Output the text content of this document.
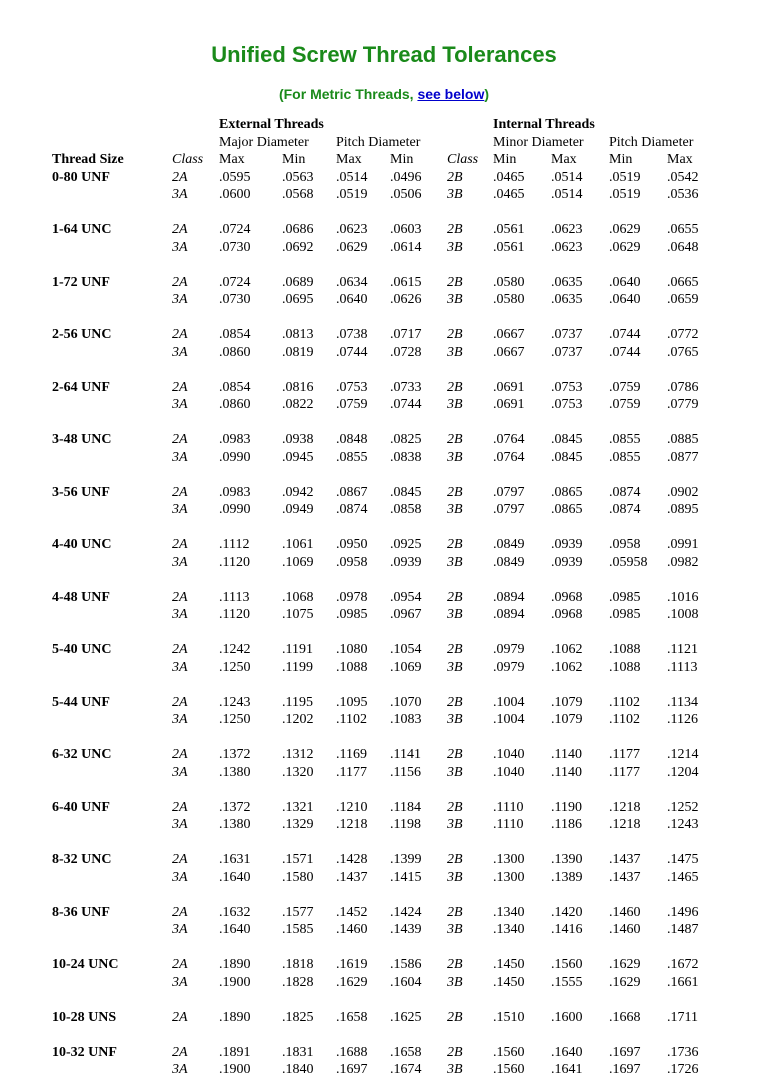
Unified Screw Thread Tolerances

(For Metric Threads, see below)

		External Threads					Internal Threads			
		Major Diameter		Pitch Diameter			Minor Diameter		Pitch Diameter	
Thread Size	Class	Max	Min	Max	Min	Class	Min	Max	Min	Max
0-80 UNF	2A	.0595	.0563	.0514	.0496	2B	.0465	.0514	.0519	.0542
	3A	.0600	.0568	.0519	.0506	3B	.0465	.0514	.0519	.0536

1-64 UNC	2A	.0724	.0686	.0623	.0603	2B	.0561	.0623	.0629	.0655
	3A	.0730	.0692	.0629	.0614	3B	.0561	.0623	.0629	.0648

1-72 UNF	2A	.0724	.0689	.0634	.0615	2B	.0580	.0635	.0640	.0665
	3A	.0730	.0695	.0640	.0626	3B	.0580	.0635	.0640	.0659

2-56 UNC	2A	.0854	.0813	.0738	.0717	2B	.0667	.0737	.0744	.0772
	3A	.0860	.0819	.0744	.0728	3B	.0667	.0737	.0744	.0765

2-64 UNF	2A	.0854	.0816	.0753	.0733	2B	.0691	.0753	.0759	.0786
	3A	.0860	.0822	.0759	.0744	3B	.0691	.0753	.0759	.0779

3-48 UNC	2A	.0983	.0938	.0848	.0825	2B	.0764	.0845	.0855	.0885
	3A	.0990	.0945	.0855	.0838	3B	.0764	.0845	.0855	.0877

3-56 UNF	2A	.0983	.0942	.0867	.0845	2B	.0797	.0865	.0874	.0902
	3A	.0990	.0949	.0874	.0858	3B	.0797	.0865	.0874	.0895

4-40 UNC	2A	.1112	.1061	.0950	.0925	2B	.0849	.0939	.0958	.0991
	3A	.1120	.1069	.0958	.0939	3B	.0849	.0939	.05958	.0982

4-48 UNF	2A	.1113	.1068	.0978	.0954	2B	.0894	.0968	.0985	.1016
	3A	.1120	.1075	.0985	.0967	3B	.0894	.0968	.0985	.1008

5-40 UNC	2A	.1242	.1191	.1080	.1054	2B	.0979	.1062	.1088	.1121
	3A	.1250	.1199	.1088	.1069	3B	.0979	.1062	.1088	.1113

5-44 UNF	2A	.1243	.1195	.1095	.1070	2B	.1004	.1079	.1102	.1134
	3A	.1250	.1202	.1102	.1083	3B	.1004	.1079	.1102	.1126

6-32 UNC	2A	.1372	.1312	.1169	.1141	2B	.1040	.1140	.1177	.1214
	3A	.1380	.1320	.1177	.1156	3B	.1040	.1140	.1177	.1204

6-40 UNF	2A	.1372	.1321	.1210	.1184	2B	.1110	.1190	.1218	.1252
	3A	.1380	.1329	.1218	.1198	3B	.1110	.1186	.1218	.1243

8-32 UNC	2A	.1631	.1571	.1428	.1399	2B	.1300	.1390	.1437	.1475
	3A	.1640	.1580	.1437	.1415	3B	.1300	.1389	.1437	.1465

8-36 UNF	2A	.1632	.1577	.1452	.1424	2B	.1340	.1420	.1460	.1496
	3A	.1640	.1585	.1460	.1439	3B	.1340	.1416	.1460	.1487

10-24 UNC	2A	.1890	.1818	.1619	.1586	2B	.1450	.1560	.1629	.1672
	3A	.1900	.1828	.1629	.1604	3B	.1450	.1555	.1629	.1661

10-28 UNS	2A	.1890	.1825	.1658	.1625	2B	.1510	.1600	.1668	.1711

10-32 UNF	2A	.1891	.1831	.1688	.1658	2B	.1560	.1640	.1697	.1736
	3A	.1900	.1840	.1697	.1674	3B	.1560	.1641	.1697	.1726
